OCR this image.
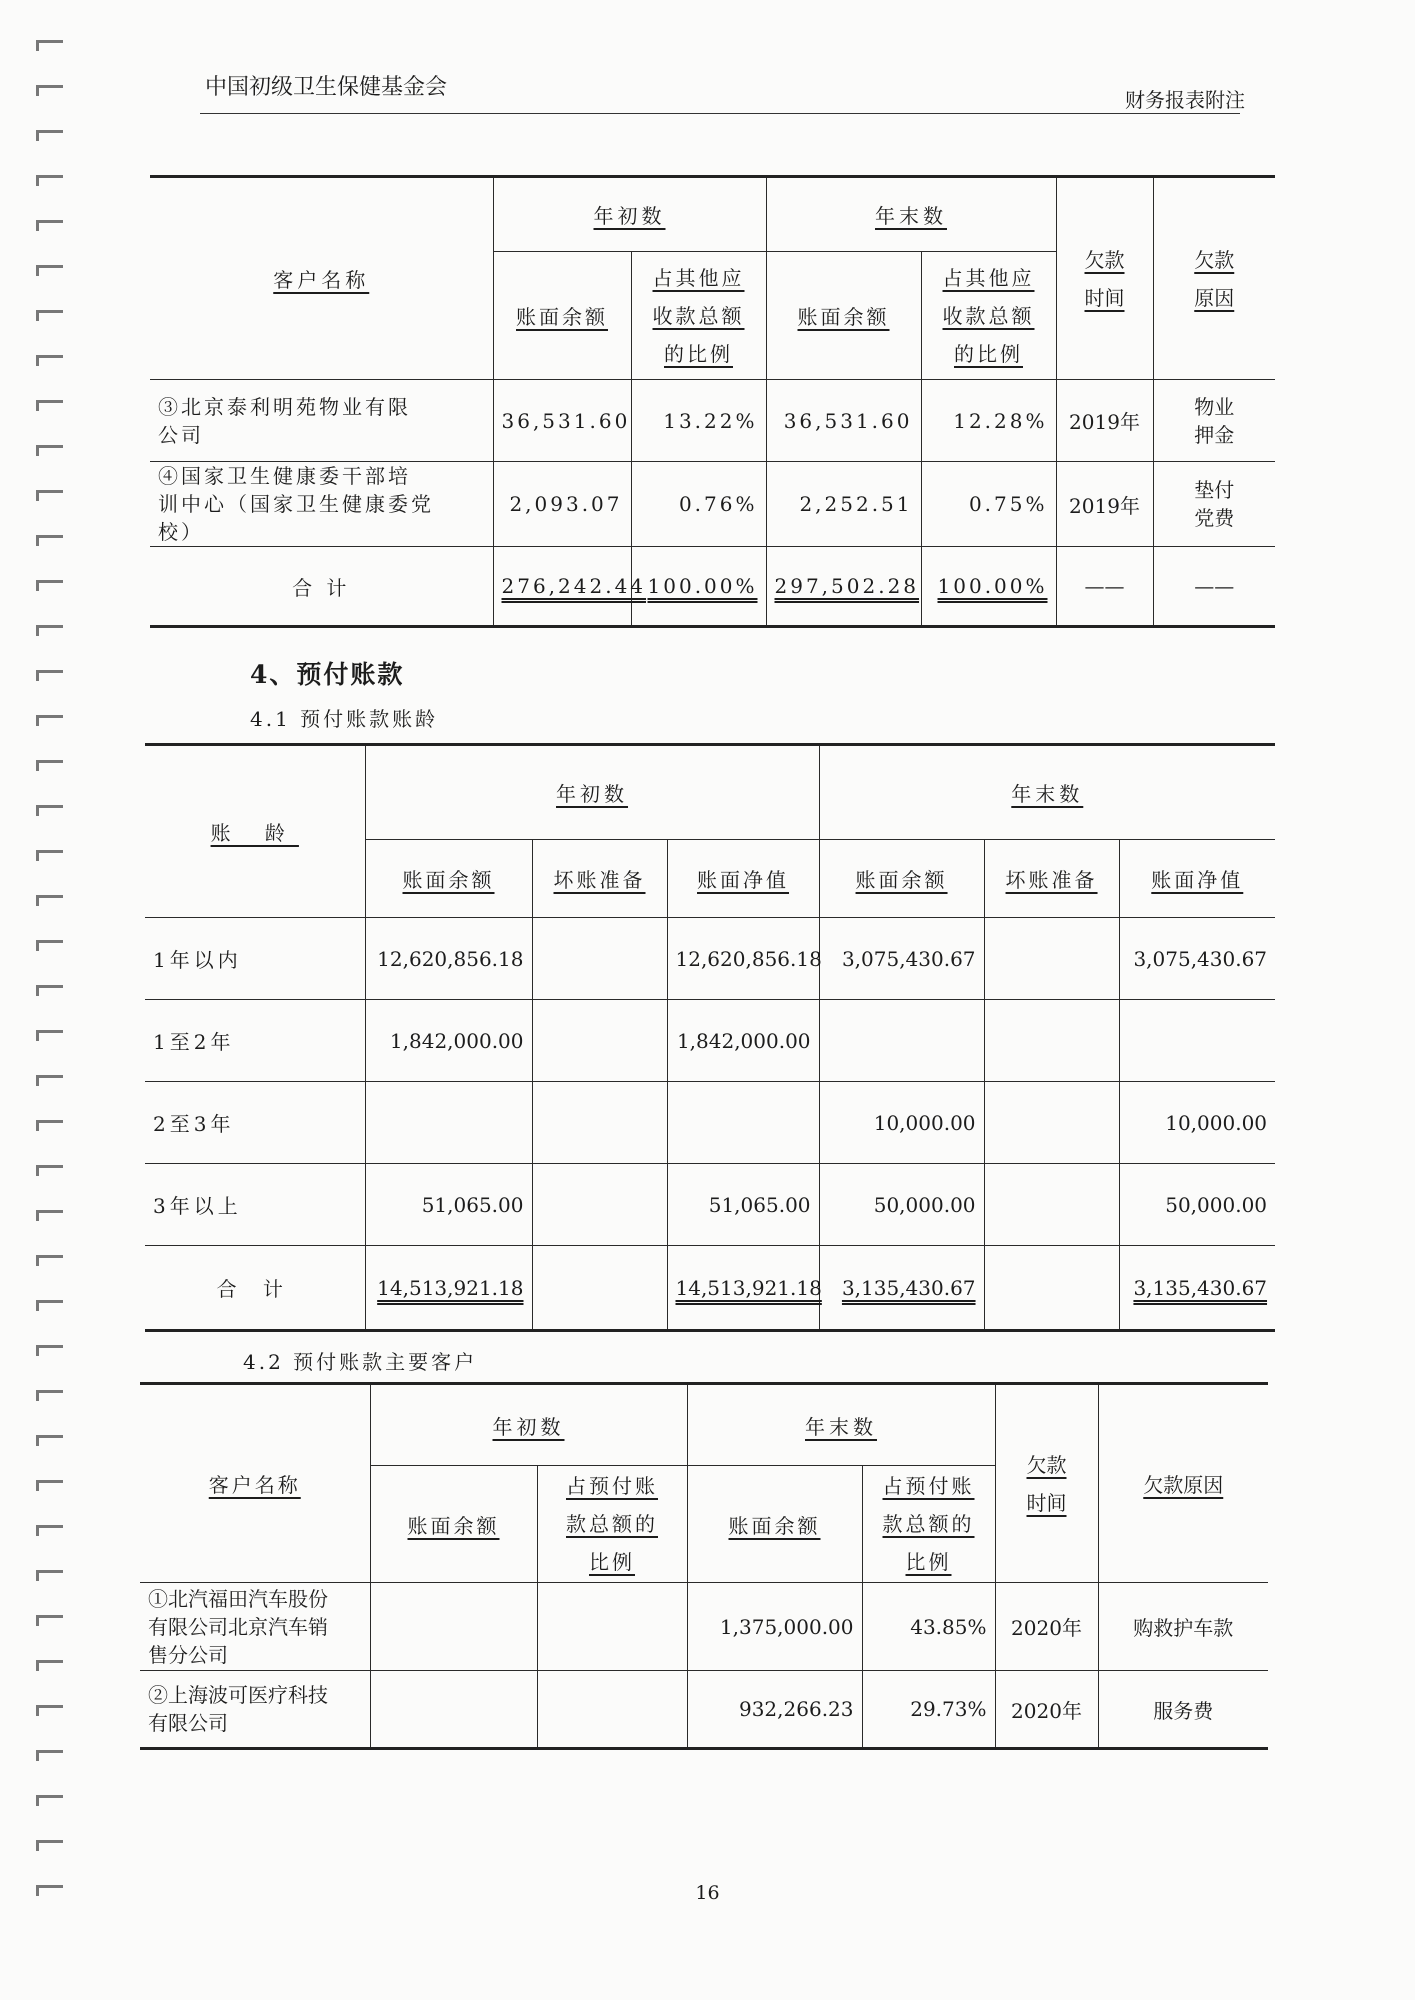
中国初级卫生保健基金会	财务报表附注
客户名称	年初数		年末数		欠款
时间	欠款
原因
	账面余额	占其他应
收款总额
的比例	账面余额	占其他应
收款总额
的比例		
③北京泰利明苑物业有限
公司	36,531.60	13.22%	36,531.60	12.28%	2019年	物业
押金
④国家卫生健康委干部培
训中心（国家卫生健康委党
校）	2,093.07	0.76%	2,252.51	0.75%	2019年	垫付
党费
合 计	276,242.44	100.00%	297,502.28	100.00%	——	——
4、预付账款
4.1 预付账款账龄
账 龄	年初数			年末数		
	账面余额	坏账准备	账面净值	账面余额	坏账准备	账面净值
1年以内	12,620,856.18		12,620,856.18	3,075,430.67		3,075,430.67
1至2年	1,842,000.00		1,842,000.00			
2至3年				10,000.00		10,000.00
3年以上	51,065.00		51,065.00	50,000.00		50,000.00
合 计	14,513,921.18		14,513,921.18	3,135,430.67		3,135,430.67
4.2 预付账款主要客户
客户名称	年初数		年末数		欠款
时间	欠款原因
	账面余额	占预付账
款总额的
比例	账面余额	占预付账
款总额的
比例		
①北汽福田汽车股份
有限公司北京汽车销
售分公司			1,375,000.00	43.85%	2020年	购救护车款
②上海波可医疗科技
有限公司			932,266.23	29.73%	2020年	服务费
16
